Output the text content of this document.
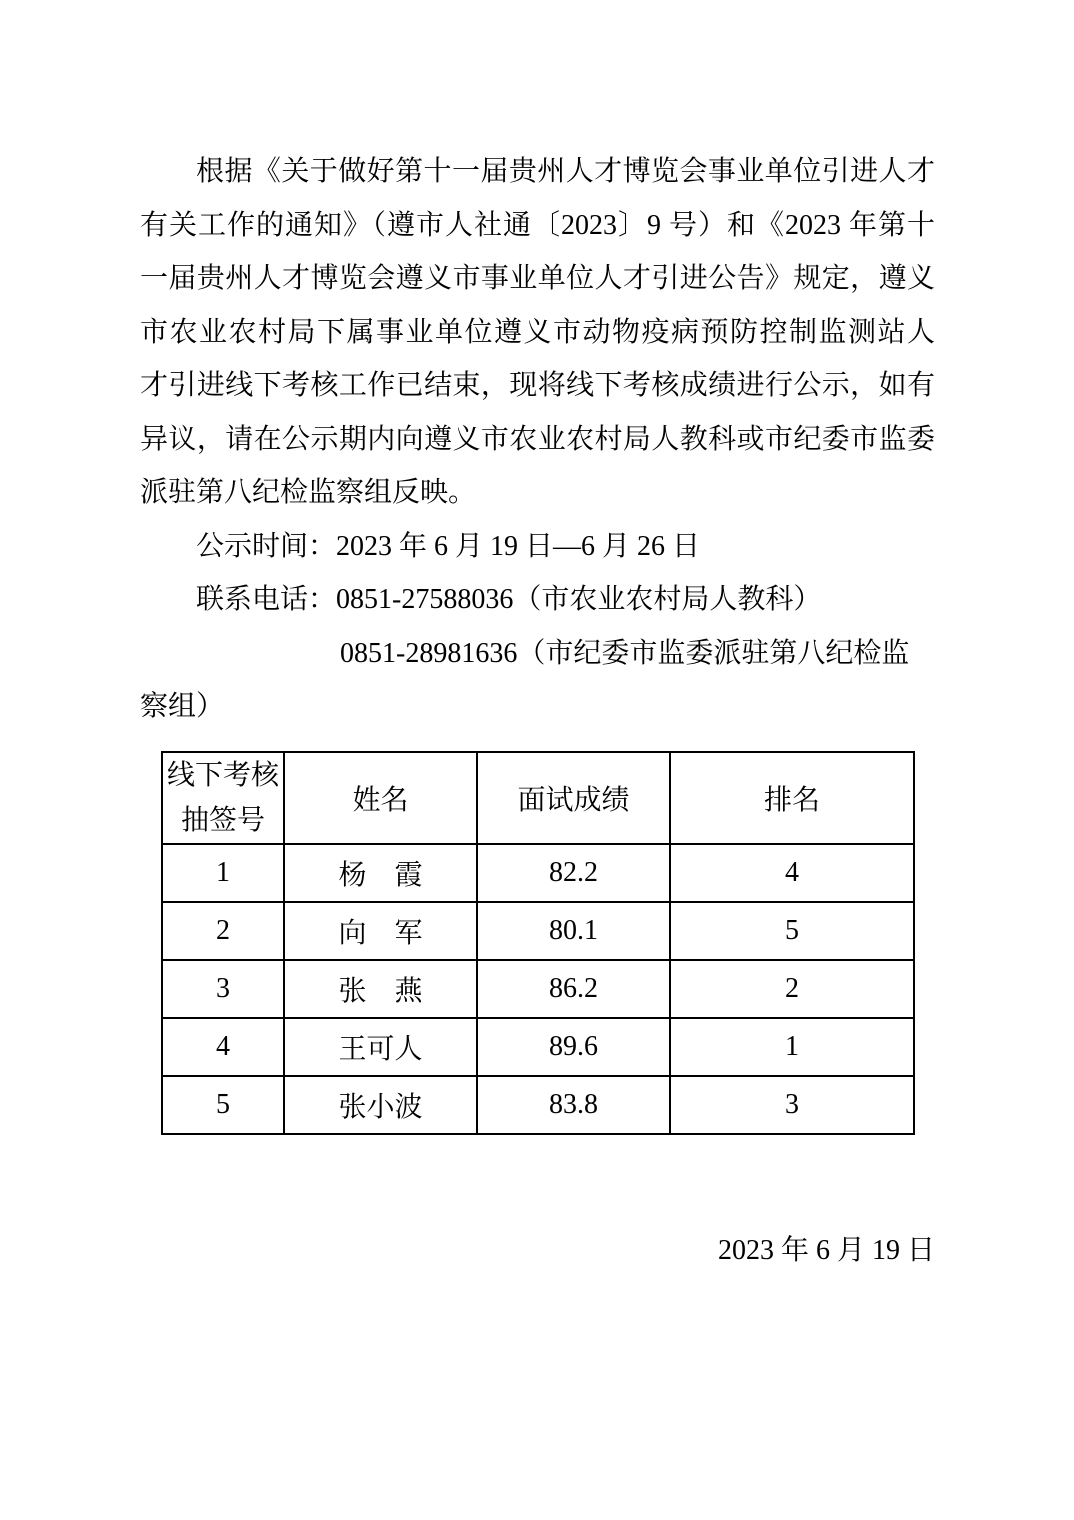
根据《关于做好第十一届贵州人才博览会事业单位引进人才
有关工作的通知》（遵市人社通〔2023〕9 号）和《2023 年第十
一届贵州人才博览会遵义市事业单位人才引进公告》规定，遵义
市农业农村局下属事业单位遵义市动物疫病预防控制监测站人
才引进线下考核工作已结束，现将线下考核成绩进行公示，如有
异议，请在公示期内向遵义市农业农村局人教科或市纪委市监委
派驻第八纪检监察组反映。
公示时间：2023 年 6 月 19 日—6 月 26 日
联系电话：0851-27588036（市农业农村局人教科）
0851-28981636（市纪委市监委派驻第八纪检监察组）
线下考核
抽签号	姓名	面试成绩	排名
1	杨　霞	82.2	4
2	向　军	80.1	5
3	张　燕	86.2	2
4	王可人	89.6	1
5	张小波	83.8	3
2023 年 6 月 19 日
